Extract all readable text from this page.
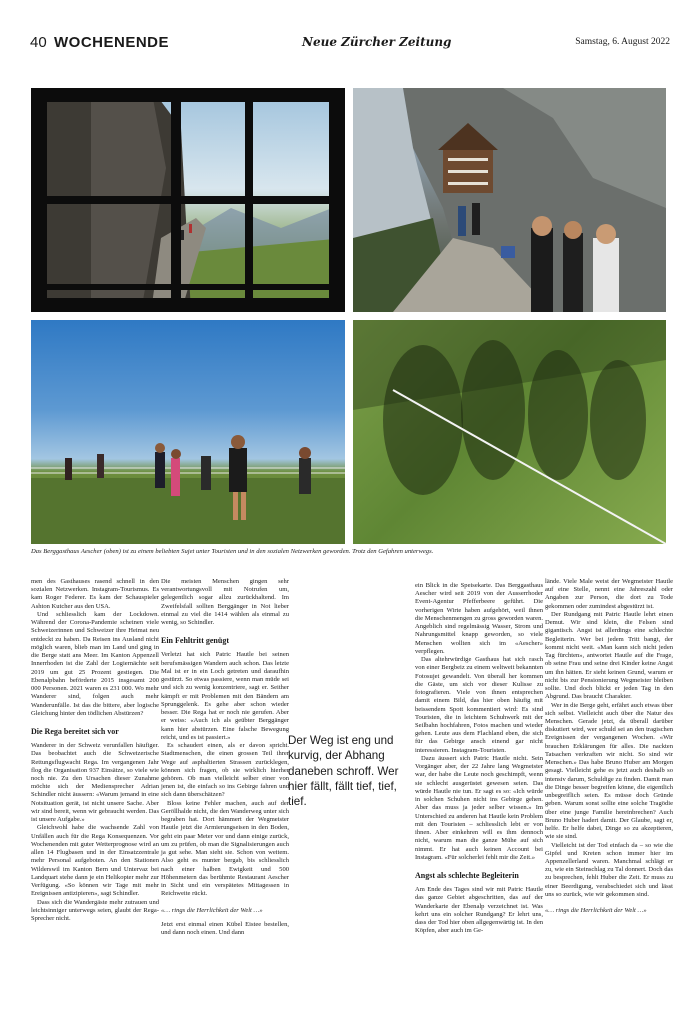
40 WOCHENENDE	Neue Zürcher Zeitung	Samstag, 6. August 2022
Das Berggasthaus Aescher (oben) ist zu einem beliebten Sujet unter Touristen und in den sozialen Netzwerken geworden. Trotz den Gefahren unterwegs.

men des Gasthauses rasend schnell in den sozialen Netzwerken. Instagram-Tourismus. Es kam Roger Federer. Es kam der Schauspieler Ashton Kutcher aus den USA.

Und schliesslich kam der Lockdown. Während der Corona-Pandemie scheinen viele Schweizerinnen und Schweizer ihre Heimat neu entdeckt zu haben. Da Reisen ins Ausland nicht möglich waren, blieb man im Land und ging in die Berge statt ans Meer. Im Kanton Appenzell Innerrhoden ist die Zahl der Logiernächte seit 2019 um gut 25 Prozent gestiegen. Die Ebenalpbahn beförderte 2015 insgesamt 200 000 Personen. 2021 waren es 231 000. Wo mehr Wanderer sind, folgen auch mehr Wanderunfälle. Ist das die bittere, aber logische Gleichung hinter den tödlichen Abstürzen?

Die Rega bereitet sich vor

Wanderer in der Schweiz verunfallen häufiger. Das beobachtet auch die Schweizerische Rettungsflugwacht Rega. Im vergangenen Jahr flog die Organisation 937 Einsätze, so viele wie noch nie. Zu den Ursachen dieser Zunahme möchte sich der Mediensprecher Adrian Schindler nicht äussern: «Warum jemand in eine Notsituation gerät, ist nicht unsere Sache. Aber wir sind bereit, wenn wir gebraucht werden. Das ist unsere Aufgabe.»

Gleichwohl habe die wachsende Zahl von Unfällen auch für die Rega Konsequenzen. Vor Wochenenden mit guter Wetterprognose wird an allen 14 Flugbasen und in der Einsatzzentrale mehr Personal aufgeboten. An den Stationen Wilderswil im Kanton Bern und Untervaz bei Landquart stehe dann je ein Helikopter mehr zur Verfügung. «So können wir Tage mit mehr Ereignissen antizipieren», sagt Schindler.

Dass sich die Wandergäste mehr zutrauen und leichtsinniger unterwegs seien, glaubt der Rega-Sprecher nicht.

Die meisten Menschen gingen sehr verantwortungsvoll mit Notrufen um, gelegentlich sogar allzu zurückhaltend. Im Zweifelsfall sollten Berggänger in Not lieber einmal zu viel die 1414 wählen als einmal zu wenig, so Schindler.

Ein Fehltritt genügt

Verletzt hat sich Patric Hautle bei seinen berufsmässigen Wandern auch schon. Das letzte Mal ist er in ein Loch getreten und daraufhin gestürzt. So etwas passiere, wenn man müde sei und sich zu wenig konzentriere, sagt er. Seither kämpft er mit Problemen mit den Bändern am Sprunggelenk. Es gehe aber schon wieder besser. Die Rega hat er noch nie gerufen. Aber er weiss: «Auch ich als geübter Berggänger kann hier abstürzen. Eine falsche Bewegung reicht, und es ist passiert.»

Es schaudert einen, als er davon spricht. Stadtmenschen, die einen grossen Teil ihrer Wege auf asphaltierten Strassen zurücklegen, können sich fragen, ob sie wirklich hierher gehören. Ob man vielleicht selber einer von jenen ist, die einfach so ins Gebirge fahren und sich dann überschätzen?

Bloss keine Fehler machen, auch auf der Geröllhalde nicht, die den Wanderweg unter sich begraben hat. Dort hämmert der Wegmeister Hautle jetzt die Armierungseisen in den Boden, geht ein paar Meter vor und dann einige zurück, um zu prüfen, ob man die Signalisierungen auch ja gut sehe. Man sieht sie. Schon von weitem. Also geht es munter bergab, bis schliesslich nach einer halben Ewigkeit und 500 Höhenmetern das berühmte Restaurant Aescher in Sicht und ein verspätetes Mittagessen in Reichweite rückt.

«… rings die Herrlichkeit der Welt …»

Jetzt erst einmal einen Kübel Eistee bestellen, und dann noch einen. Und dann

Der Weg ist eng und kurvig, der Abhang daneben schroff. Wer hier fällt, fällt tief, tief, tief.

ein Blick in die Speisekarte. Das Berggasthaus Aescher wird seit 2019 von der Ausserrhoder Event-Agentur Pfefferbeere geführt. Die vorherigen Wirte haben aufgehört, weil ihnen die Menschenmengen zu gross geworden waren. Angeblich sind regelmässig Wasser, Strom und Nahrungsmittel knapp geworden, so viele Menschen wollten sich im «Aescher» verpflegen.

Das altehrwürdige Gasthaus hat sich rasch von einer Bergbeiz zu einem weltweit bekannten Fotosujet gewandelt. Von überall her kommen die Gäste, um sich vor dieser Kulisse zu fotografieren. Viele von ihnen entsprechen damit einem Bild, das hier oben häufig mit beissendem Spott kommentiert wird: Es sind Touristen, die in leichtem Schuhwerk mit der Seilbahn hochfahren, Fotos machen und wieder gehen. Leute aus dem Flachland eben, die sich für das Gebirge ansch einend gar nicht interessieren. Instagram-Touristen.

Dazu äussert sich Patric Hautle nicht. Sein Vorgänger aber, der 22 Jahre lang Wegmeister war, der habe die Leute noch geschimpft, wenn sie schlecht ausgerüstet gewesen seien. Das würde Hautle nie tun. Er sagt es so: «Ich würde in solchen Schuhen nicht ins Gebirge gehen. Aber das muss ja jeder selber wissen.» Im Unterschied zu anderen hat Hautle kein Problem mit den Touristen – schliesslich lebt er von ihnen. Aber einkehren will es ihm dennoch nicht, warum man die ganze Mühe auf sich nimmt. Er hat auch keinen Account bei Instagram. «Für solcherlei fehlt mir die Zeit.»

Angst als schlechte Begleiterin

Am Ende des Tages sind wir mit Patric Hautle das ganze Gebiet abgeschritten, das auf der Wanderkarte der Ebenalp verzeichnet ist. Was kehrt uns ein solcher Rundgang? Er lehrt uns, dass der Tod hier oben allgegenwärtig ist. In den Köpfen, aber auch im Ge-

lände. Viele Male weist der Wegmeister Hautle auf eine Stelle, nennt eine Jahreszahl oder Angaben zur Person, die dort zu Tode gekommen oder zumindest abgestürzt ist.

Der Rundgang mit Patric Hautle lehrt einen Demut. Wir sind klein, die Felsen sind gigantisch. Angst ist allerdings eine schlechte Begleiterin. Wer bei jedem Tritt bangt, der kommt nicht weit. «Man kann sich nicht jeden Tag fürchten», antwortet Hautle auf die Frage, ob seine Frau und seine drei Kinder keine Angst um ihn hätten. Er sieht keinen Grund, warum er nicht bis zur Pensionierung Wegmeister bleiben sollte. Und doch blickt er jeden Tag in den Abgrund. Das braucht Charakter.

Wer in die Berge geht, erfährt auch etwas über sich selbst. Vielleicht auch über die Natur des Menschen. Gerade jetzt, da überall darüber diskutiert wird, wer schuld sei an den tragischen Ereignissen der vergangenen Wochen. «Wir brauchen Erklärungen für alles. Die nackten Tatsachen verkraften wir nicht. So sind wir Menschen.» Das habe Bruno Huber am Morgen gesagt. Vielleicht gehe es jetzt auch deshalb so intensiv darum, Schuldige zu finden. Damit man die Dinge besser begreifen könne, die eigentlich unbegreiflich seien. Es müsse doch Gründe geben. Warum sonst sollte eine solche Tragödie über eine junge Familie hereinbrechen? Auch Bruno Huber hadert damit. Der Glaube, sagt er, helfe. Er helfe dabei, Dinge so zu akzeptieren, wie sie sind.

Vielleicht ist der Tod einfach da – so wie die Gipfel und Kreten schon immer hier im Appenzellerland waren. Manchmal schlägt er zu, wie ein Steinschlag zu Tal donnert. Doch das zu besprechen, fehlt Huber die Zeit. Er muss zu einer Beerdigung, verabschiedet sich und lässt uns so zurück, wie wir gekommen sind.

«… rings die Herrlichkeit der Welt …»
